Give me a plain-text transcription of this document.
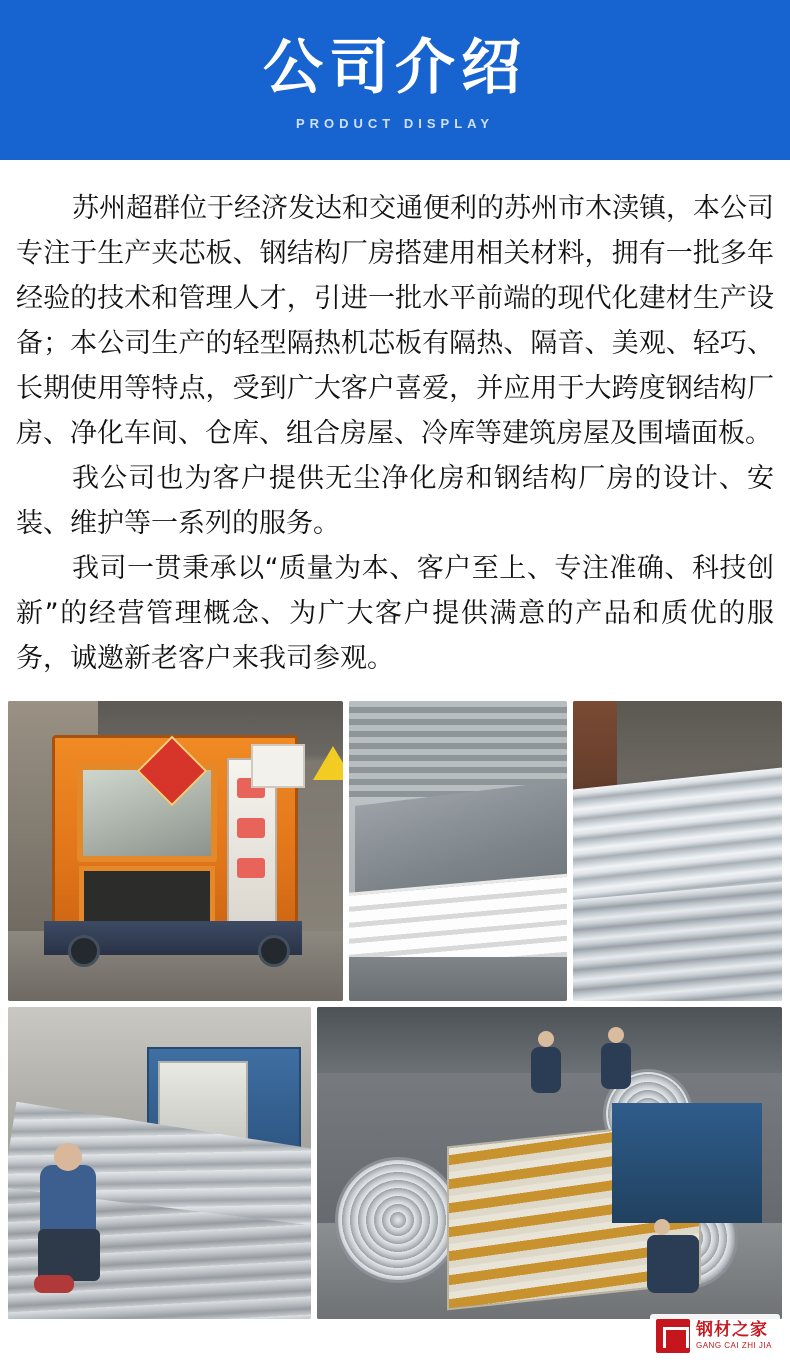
公司介绍
PRODUCT DISPLAY

苏州超群位于经济发达和交通便利的苏州市木渎镇，本公司专注于生产夹芯板、钢结构厂房搭建用相关材料，拥有一批多年经验的技术和管理人才，引进一批水平前端的现代化建材生产设备；本公司生产的轻型隔热机芯板有隔热、隔音、美观、轻巧、长期使用等特点，受到广大客户喜爱，并应用于大跨度钢结构厂房、净化车间、仓库、组合房屋、冷库等建筑房屋及围墙面板。

我公司也为客户提供无尘净化房和钢结构厂房的设计、安装、维护等一系列的服务。

我司一贯秉承以“质量为本、客户至上、专注准确、科技创新”的经营管理概念、为广大客户提供满意的产品和质优的服务，诚邀新老客户来我司参观。

钢材之家
GANG CAI ZHI JIA
